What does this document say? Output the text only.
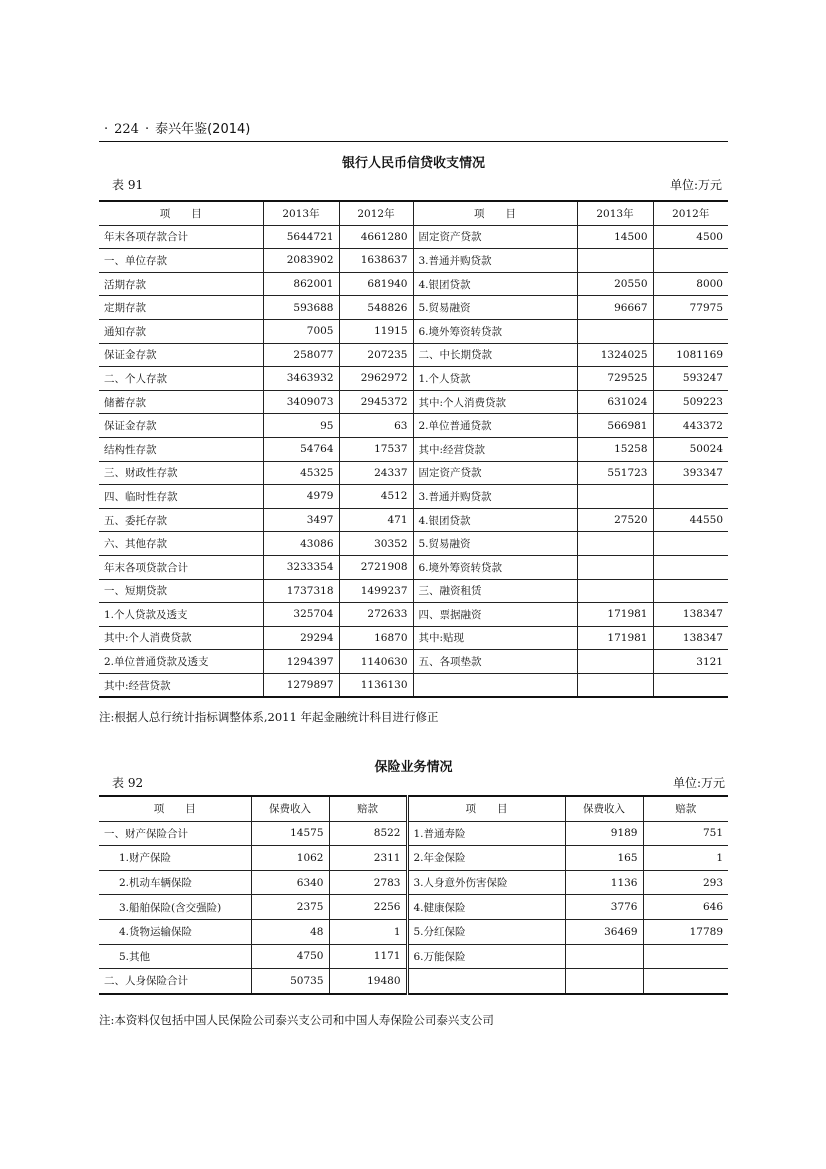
· 224 · 泰兴年鉴(2014)
银行人民币信贷收支情况
表 91	单位:万元
项　　目	2013年	2012年	项　　目	2013年	2012年
年末各项存款合计	5644721	4661280	固定资产贷款	14500	4500
一、单位存款	2083902	1638637	3.普通并购贷款		
活期存款	862001	681940	4.银团贷款	20550	8000
定期存款	593688	548826	5.贸易融资	96667	77975
通知存款	7005	11915	6.境外筹资转贷款		
保证金存款	258077	207235	二、中长期贷款	1324025	1081169
二、个人存款	3463932	2962972	1.个人贷款	729525	593247
储蓄存款	3409073	2945372	其中:个人消费贷款	631024	509223
保证金存款	95	63	2.单位普通贷款	566981	443372
结构性存款	54764	17537	其中:经营贷款	15258	50024
三、财政性存款	45325	24337	固定资产贷款	551723	393347
四、临时性存款	4979	4512	3.普通并购贷款		
五、委托存款	3497	471	4.银团贷款	27520	44550
六、其他存款	43086	30352	5.贸易融资		
年末各项贷款合计	3233354	2721908	6.境外筹资转贷款		
一、短期贷款	1737318	1499237	三、融资租赁		
1.个人贷款及透支	325704	272633	四、票据融资	171981	138347
其中:个人消费贷款	29294	16870	其中:贴现	171981	138347
2.单位普通贷款及透支	1294397	1140630	五、各项垫款		3121
其中:经营贷款	1279897	1136130			
注:根据人总行统计指标调整体系,2011 年起金融统计科目进行修正
保险业务情况
表 92	单位:万元
项　　目	保费收入	赔款	项　　目	保费收入	赔款
一、财产保险合计	14575	8522	1.普通寿险	9189	751
1.财产保险	1062	2311	2.年金保险	165	1
2.机动车辆保险	6340	2783	3.人身意外伤害保险	1136	293
3.船舶保险(含交强险)	2375	2256	4.健康保险	3776	646
4.货物运输保险	48	1	5.分红保险	36469	17789
5.其他	4750	1171	6.万能保险		
二、人身保险合计	50735	19480			
注:本资料仅包括中国人民保险公司泰兴支公司和中国人寿保险公司泰兴支公司
